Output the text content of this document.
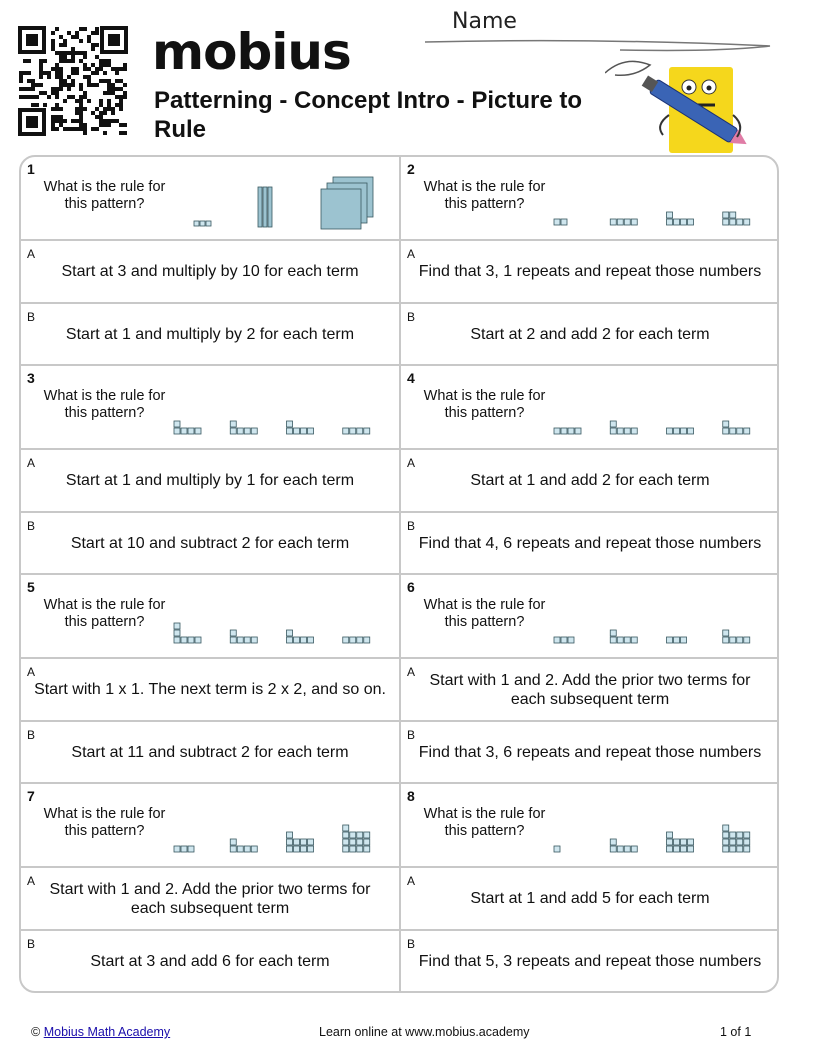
mobius
Patterning - Concept Intro - Picture to Rule
Name
1
What is the rule for this pattern?
A
Start at 3 and multiply by 10 for each term
B
Start at 1 and multiply by 2 for each term
2
What is the rule for this pattern?
A
Find that 3, 1 repeats and repeat those numbers
B
Start at 2 and add 2 for each term
3
What is the rule for this pattern?
A
Start at 1 and multiply by 1 for each term
B
Start at 10 and subtract 2 for each term
4
What is the rule for this pattern?
A
Start at 1 and add 2 for each term
B
Find that 4, 6 repeats and repeat those numbers
5
What is the rule for this pattern?
A
Start with 1 x 1. The next term is 2 x 2, and so on.
B
Start at 11 and subtract 2 for each term
6
What is the rule for this pattern?
A Start with 1 and 2. Add the prior two terms for each subsequent term
B
Find that 3, 6 repeats and repeat those numbers
7
What is the rule for this pattern?
A Start with 1 and 2. Add the prior two terms for each subsequent term
B
Start at 3 and add 6 for each term
8
What is the rule for this pattern?
A
Start at 1 and add 5 for each term
B
Find that 5, 3 repeats and repeat those numbers
© Mobius Math Academy	Learn online at www.mobius.academy	1 of 1
